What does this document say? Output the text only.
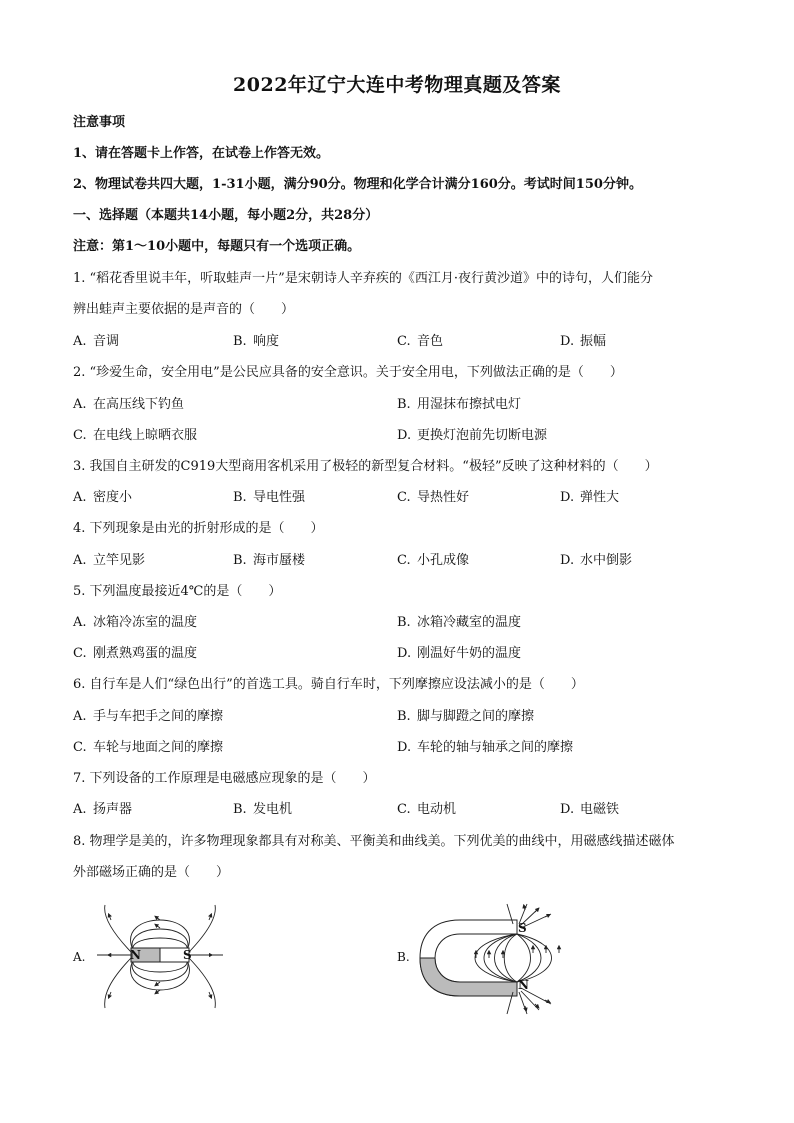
2022年辽宁大连中考物理真题及答案
注意事项
1、请在答题卡上作答，在试卷上作答无效。
2、物理试卷共四大题，1-31小题，满分90分。物理和化学合计满分160分。考试时间150分钟。
一、选择题（本题共14小题，每小题2分，共28分）
注意：第1～10小题中，每题只有一个选项正确。
1. “稻花香里说丰年，听取蛙声一片”是宋朝诗人辛弃疾的《西江月·夜行黄沙道》中的诗句，人们能分
辨出蛙声主要依据的是声音的（　　）
A. 音调	B. 响度	C. 音色	D. 振幅
2. “珍爱生命，安全用电”是公民应具备的安全意识。关于安全用电，下列做法正确的是（　　）
A. 在高压线下钓鱼	B. 用湿抹布擦拭电灯
C. 在电线上晾晒衣服	D. 更换灯泡前先切断电源
3. 我国自主研发的C919大型商用客机采用了极轻的新型复合材料。“极轻”反映了这种材料的（　　）
A. 密度小	B. 导电性强	C. 导热性好	D. 弹性大
4. 下列现象是由光的折射形成的是（　　）
A. 立竿见影	B. 海市蜃楼	C. 小孔成像	D. 水中倒影
5. 下列温度最接近4℃的是（　　）
A. 冰箱冷冻室的温度	B. 冰箱冷藏室的温度
C. 刚煮熟鸡蛋的温度	D. 刚温好牛奶的温度
6. 自行车是人们“绿色出行”的首选工具。骑自行车时，下列摩擦应设法减小的是（　　）
A. 手与车把手之间的摩擦	B. 脚与脚蹬之间的摩擦
C. 车轮与地面之间的摩擦	D. 车轮的轴与轴承之间的摩擦
7. 下列设备的工作原理是电磁感应现象的是（　　）
A. 扬声器	B. 发电机	C. 电动机	D. 电磁铁
8. 物理学是美的，许多物理现象都具有对称美、平衡美和曲线美。下列优美的曲线中，用磁感线描述磁体
外部磁场正确的是（　　）
A.	N	S	B.
S
N
